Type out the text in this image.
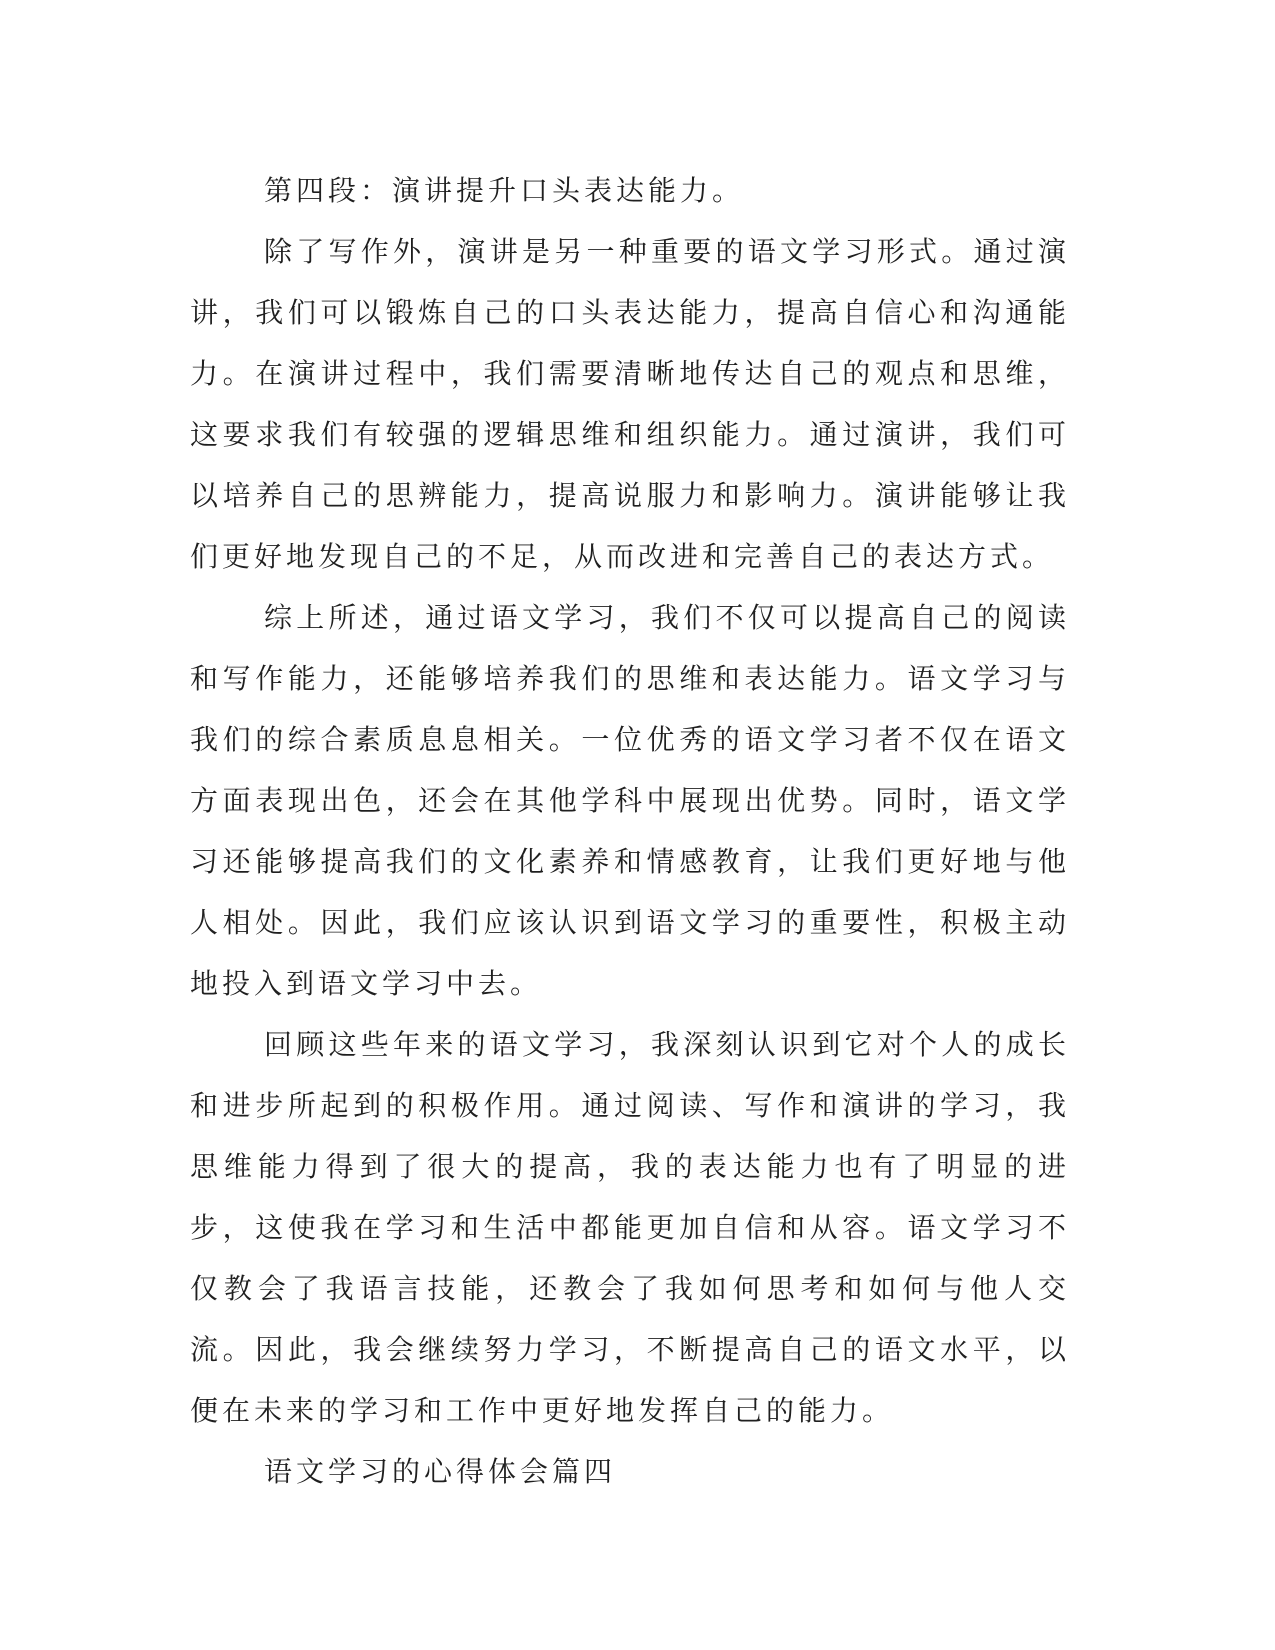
第四段：演讲提升口头表达能力。

除了写作外，演讲是另一种重要的语文学习形式。通过演讲，我们可以锻炼自己的口头表达能力，提高自信心和沟通能力。在演讲过程中，我们需要清晰地传达自己的观点和思维，这要求我们有较强的逻辑思维和组织能力。通过演讲，我们可以培养自己的思辨能力，提高说服力和影响力。演讲能够让我们更好地发现自己的不足，从而改进和完善自己的表达方式。

综上所述，通过语文学习，我们不仅可以提高自己的阅读和写作能力，还能够培养我们的思维和表达能力。语文学习与我们的综合素质息息相关。一位优秀的语文学习者不仅在语文方面表现出色，还会在其他学科中展现出优势。同时，语文学习还能够提高我们的文化素养和情感教育，让我们更好地与他人相处。因此，我们应该认识到语文学习的重要性，积极主动地投入到语文学习中去。

回顾这些年来的语文学习，我深刻认识到它对个人的成长和进步所起到的积极作用。通过阅读、写作和演讲的学习，我思维能力得到了很大的提高，我的表达能力也有了明显的进步，这使我在学习和生活中都能更加自信和从容。语文学习不仅教会了我语言技能，还教会了我如何思考和如何与他人交流。因此，我会继续努力学习，不断提高自己的语文水平，以便在未来的学习和工作中更好地发挥自己的能力。

语文学习的心得体会篇四
